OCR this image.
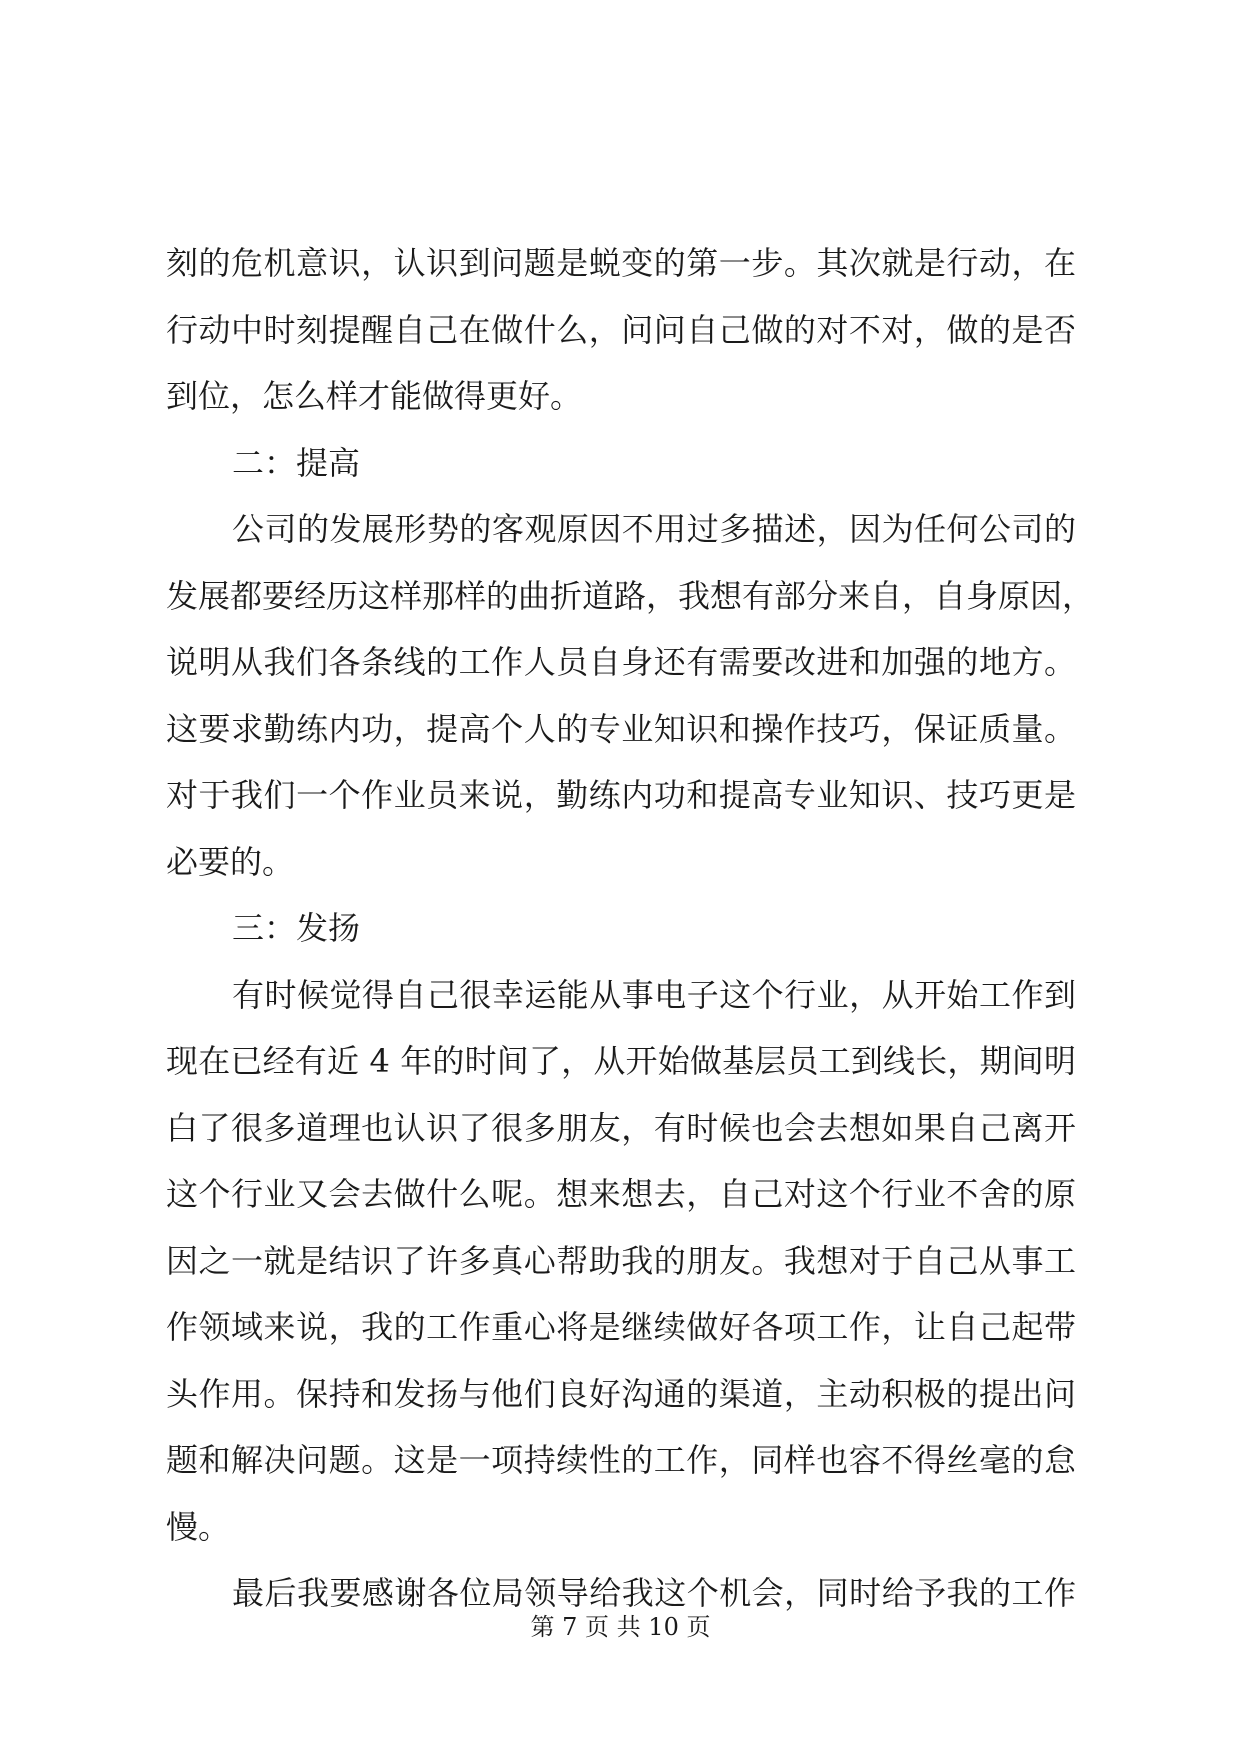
刻的危机意识，认识到问题是蜕变的第一步。其次就是行动，在
行动中时刻提醒自己在做什么，问问自己做的对不对，做的是否
到位，怎么样才能做得更好。
二：提高
公司的发展形势的客观原因不用过多描述，因为任何公司的
发展都要经历这样那样的曲折道路，我想有部分来自，自身原因，
说明从我们各条线的工作人员自身还有需要改进和加强的地方。
这要求勤练内功，提高个人的专业知识和操作技巧，保证质量。
对于我们一个作业员来说，勤练内功和提高专业知识、技巧更是
必要的。
三：发扬
有时候觉得自己很幸运能从事电子这个行业，从开始工作到
现在已经有近 4 年的时间了，从开始做基层员工到线长，期间明
白了很多道理也认识了很多朋友，有时候也会去想如果自己离开
这个行业又会去做什么呢。想来想去，自己对这个行业不舍的原
因之一就是结识了许多真心帮助我的朋友。我想对于自己从事工
作领域来说，我的工作重心将是继续做好各项工作，让自己起带
头作用。保持和发扬与他们良好沟通的渠道，主动积极的提出问
题和解决问题。这是一项持续性的工作，同样也容不得丝毫的怠
慢。
最后我要感谢各位局领导给我这个机会，同时给予我的工作
第 7 页 共 10 页
